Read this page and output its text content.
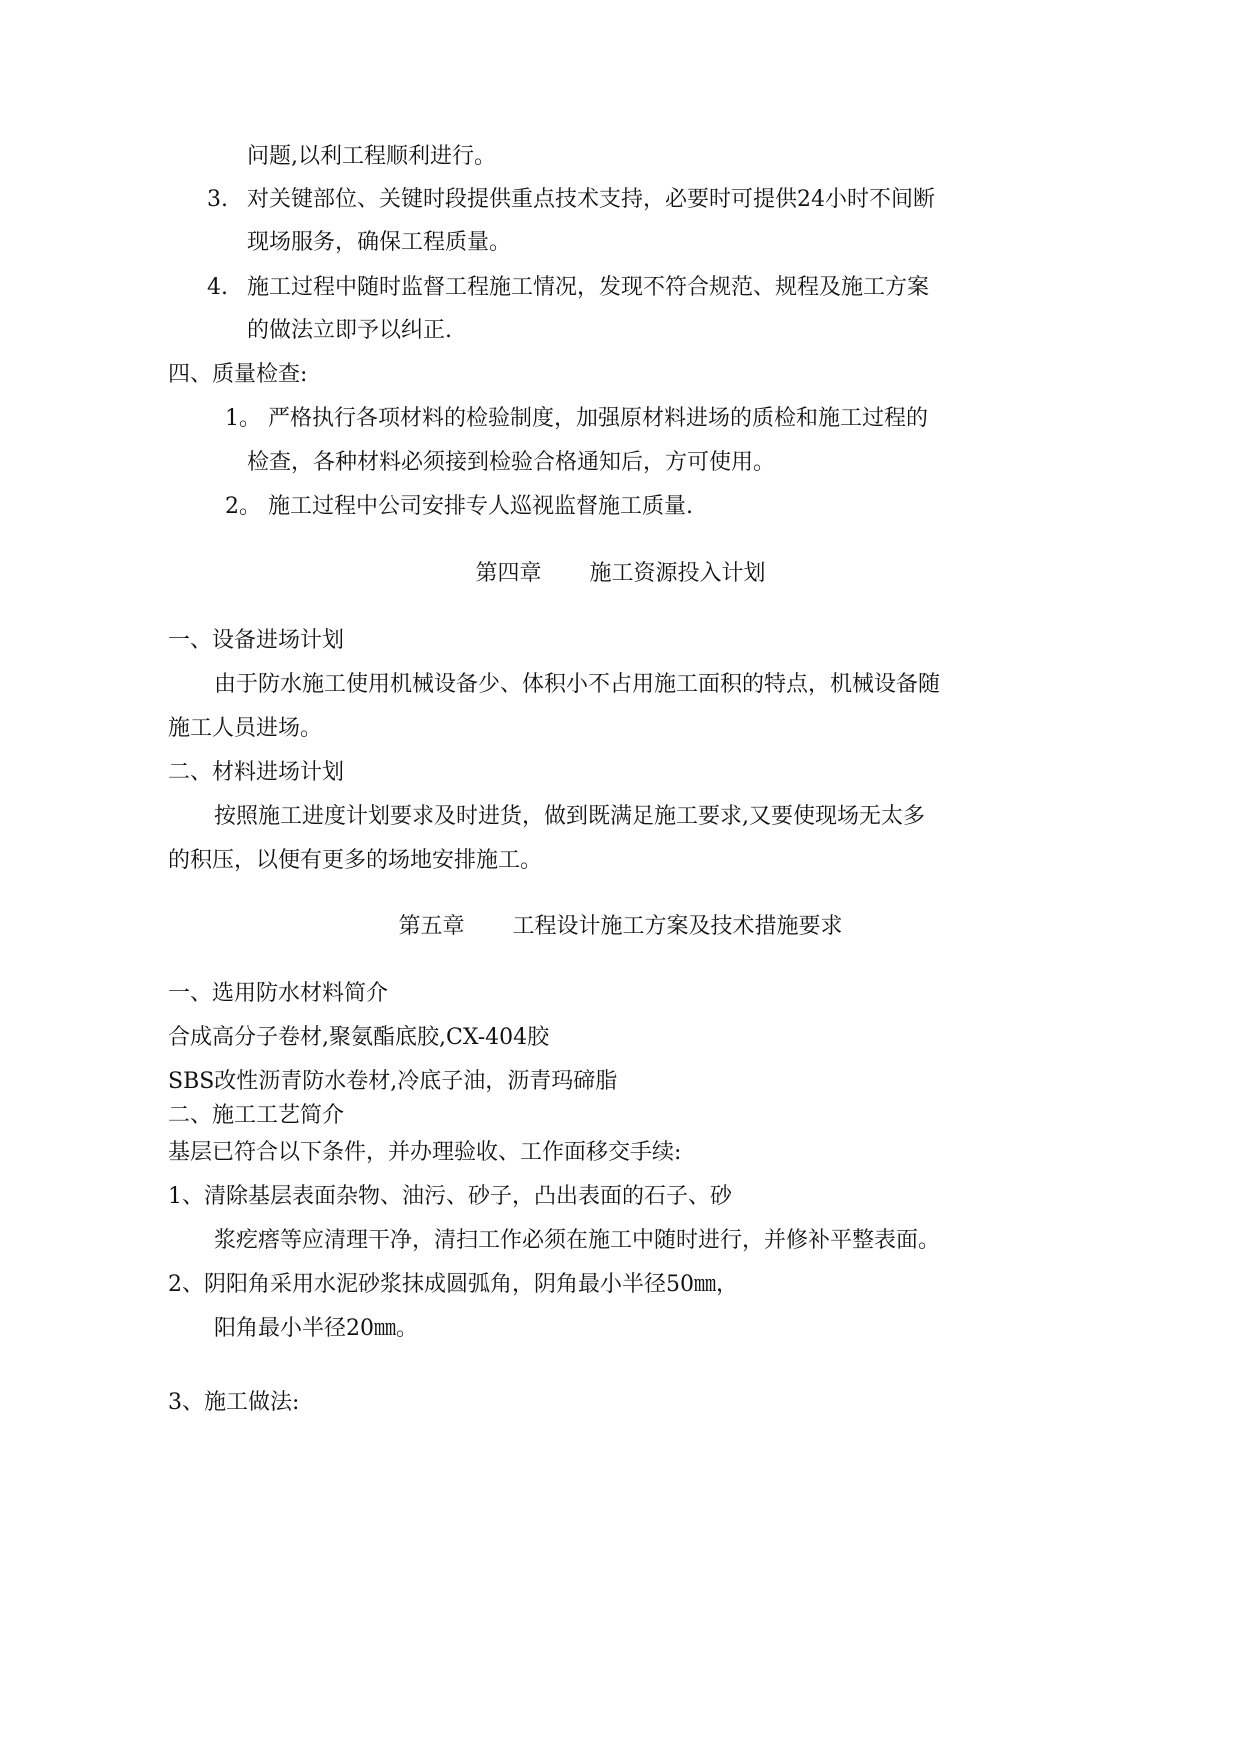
问题,以利工程顺利进行。
3. 对关键部位、关键时段提供重点技术支持，必要时可提供24小时不间断
现场服务，确保工程质量。
4. 施工过程中随时监督工程施工情况，发现不符合规范、规程及施工方案
的做法立即予以纠正.
四、质量检查:
1。 严格执行各项材料的检验制度，加强原材料进场的质检和施工过程的
检查，各种材料必须接到检验合格通知后，方可使用。
2。 施工过程中公司安排专人巡视监督施工质量.
第四章 施工资源投入计划
一、设备进场计划
由于防水施工使用机械设备少、体积小不占用施工面积的特点，机械设备随
施工人员进场。
二、材料进场计划
按照施工进度计划要求及时进货，做到既满足施工要求,又要使现场无太多
的积压，以便有更多的场地安排施工。
第五章 工程设计施工方案及技术措施要求
一、选用防水材料简介
合成高分子卷材,聚氨酯底胶,CX-404胶
SBS改性沥青防水卷材,冷底子油，沥青玛碲脂
二、施工工艺简介
基层已符合以下条件，并办理验收、工作面移交手续:
1、清除基层表面杂物、油污、砂子，凸出表面的石子、砂
浆疙瘩等应清理干净，清扫工作必须在施工中随时进行，并修补平整表面。
2、阴阳角采用水泥砂浆抹成圆弧角，阴角最小半径50㎜，
阳角最小半径20㎜。
3、施工做法:
